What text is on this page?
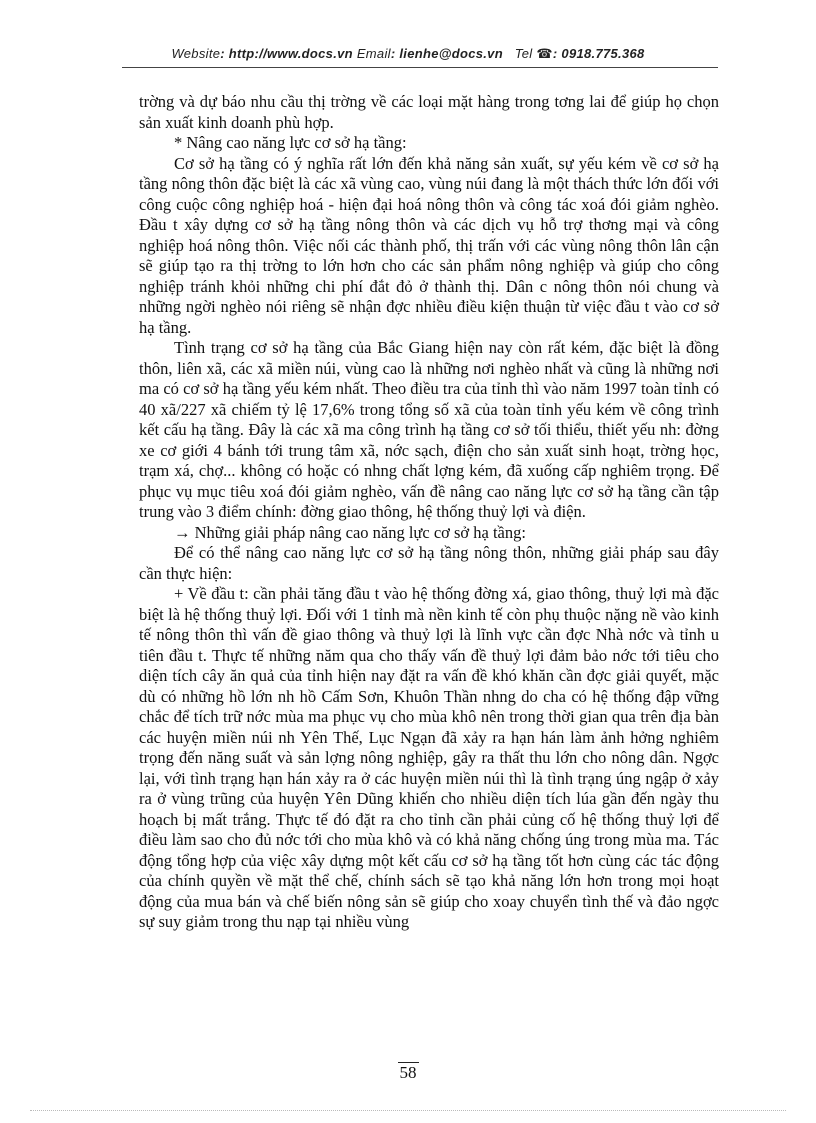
Website: http://www.docs.vn Email: lienhe@docs.vn Tel ☎: 0918.775.368

trờng và dự báo nhu cầu thị trờng về các loại mặt hàng trong tơng lai để giúp họ chọn sản xuất kinh doanh phù hợp.

* Nâng cao năng lực cơ sở hạ tầng:

Cơ sở hạ tầng có ý nghĩa rất lớn đến khả năng sản xuất, sự yếu kém về cơ sở hạ tầng nông thôn đặc biệt là các xã vùng cao, vùng núi đang là một thách thức lớn đối với công cuộc công nghiệp hoá - hiện đại hoá nông thôn và công tác xoá đói giảm nghèo. Đầu t xây dựng cơ sở hạ tầng nông thôn và các dịch vụ hỗ trợ thơng mại và công nghiệp hoá nông thôn. Việc nối các thành phố, thị trấn với các vùng nông thôn lân cận sẽ giúp tạo ra thị trờng to lớn hơn cho các sản phẩm nông nghiệp và giúp cho công nghiệp tránh khỏi những chi phí đắt đỏ ở thành thị. Dân c nông thôn nói chung và những ngời nghèo nói riêng sẽ nhận đợc nhiều điều kiện thuận từ việc đầu t vào cơ sở hạ tầng.

Tình trạng cơ sở hạ tầng của Bắc Giang hiện nay còn rất kém, đặc biệt là đồng thôn, liên xã, các xã miền núi, vùng cao là những nơi nghèo nhất và cũng là những nơi ma có cơ sở hạ tầng yếu kém nhất. Theo điều tra của tỉnh thì vào năm 1997 toàn tỉnh có 40 xã/227 xã chiếm tỷ lệ 17,6% trong tổng số xã của toàn tỉnh yếu kém về công trình kết cấu hạ tầng. Đây là các xã ma công trình hạ tầng cơ sở tối thiểu, thiết yếu nh: đờng xe cơ giới 4 bánh tới trung tâm xã, nớc sạch, điện cho sản xuất sinh hoạt, trờng học, trạm xá, chợ... không có hoặc có nhng chất lợng kém, đã xuống cấp nghiêm trọng. Để phục vụ mục tiêu xoá đói giảm nghèo, vấn đề nâng cao năng lực cơ sở hạ tầng cần tập trung vào 3 điểm chính: đờng giao thông, hệ thống thuỷ lợi và điện.

→ Những giải pháp nâng cao năng lực cơ sở hạ tầng:

Để có thể nâng cao năng lực cơ sở hạ tầng nông thôn, những giải pháp sau đây cần thực hiện:

+ Về đầu t: cần phải tăng đầu t vào hệ thống đờng xá, giao thông, thuỷ lợi mà đặc biệt là hệ thống thuỷ lợi. Đối với 1 tỉnh mà nền kinh tế còn phụ thuộc nặng nề vào kinh tế nông thôn thì vấn đề giao thông và thuỷ lợi là lĩnh vực cần đợc Nhà nớc và tỉnh u tiên đầu t. Thực tế những năm qua cho thấy vấn đề thuỷ lợi đảm bảo nớc tới tiêu cho diện tích cây ăn quả của tỉnh hiện nay đặt ra vấn đề khó khăn cần đợc giải quyết, mặc dù có những hồ lớn nh hồ Cấm Sơn, Khuôn Thần nhng do cha có hệ thống đập vững chắc để tích trữ nớc mùa ma phục vụ cho mùa khô nên trong thời gian qua trên địa bàn các huyện miền núi nh Yên Thế, Lục Ngạn đã xảy ra hạn hán làm ảnh hởng nghiêm trọng đến năng suất và sản lợng nông nghiệp, gây ra thất thu lớn cho nông dân. Ngợc lại, với tình trạng hạn hán xảy ra ở các huyện miền núi thì là tình trạng úng ngập ở xảy ra ở vùng trũng của huyện Yên Dũng khiến cho nhiều diện tích lúa gần đến ngày thu hoạch bị mất trắng. Thực tế đó đặt ra cho tỉnh cần phải củng cố hệ thống thuỷ lợi để điều làm sao cho đủ nớc tới cho mùa khô và có khả năng chống úng trong mùa ma. Tác động tổng hợp của việc xây dựng một kết cấu cơ sở hạ tầng tốt hơn cùng các tác động của chính quyền về mặt thể chế, chính sách sẽ tạo khả năng lớn hơn trong mọi hoạt động của mua bán và chế biến nông sản sẽ giúp cho xoay chuyển tình thế và đảo ngợc sự suy giảm trong thu nạp tại nhiều vùng

58
